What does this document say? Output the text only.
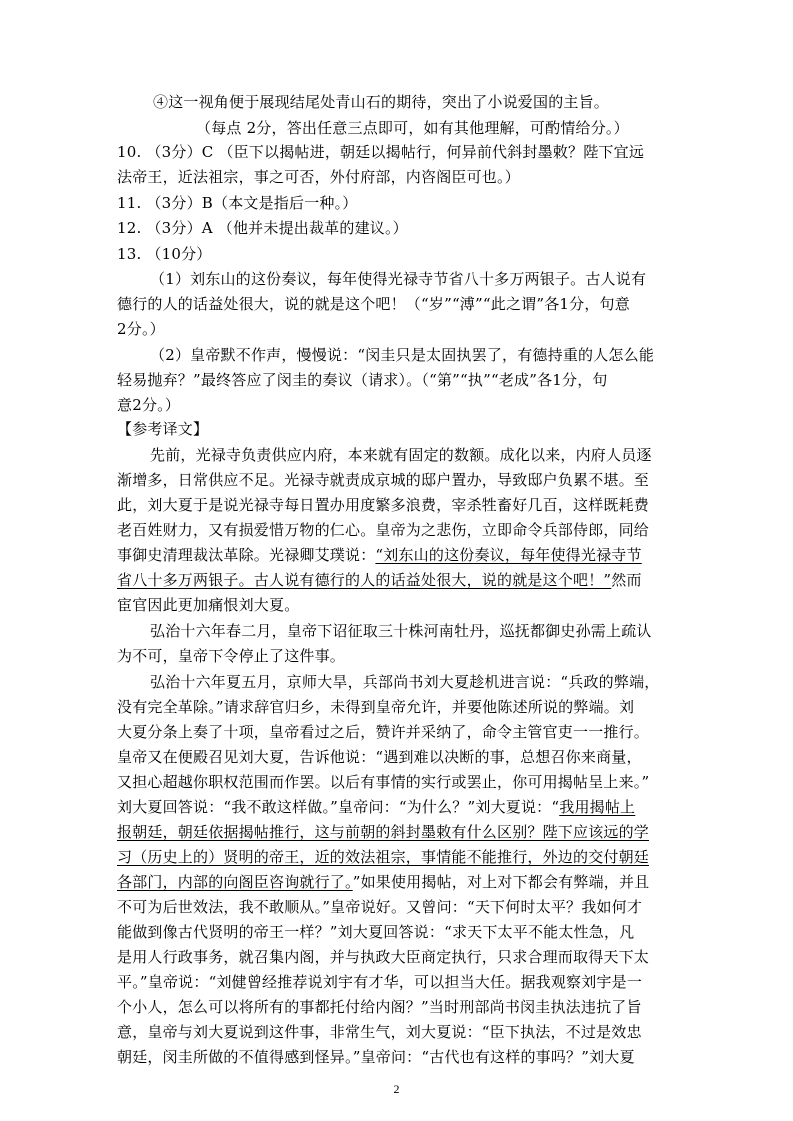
④这一视角便于展现结尾处青山石的期待，突出了小说爱国的主旨。
（每点 2分，答出任意三点即可，如有其他理解，可酌情给分。）
10. （3分）C （臣下以揭帖进，朝廷以揭帖行，何异前代斜封墨敕？陛下宜远
法帝王，近法祖宗，事之可否，外付府部，内咨阁臣可也。）
11. （3分）B（本文是指后一种。）
12. （3分）A （他并未提出裁革的建议。）
13. （10分）
（1）刘东山的这份奏议，每年使得光禄寺节省八十多万两银子。古人说有
德行的人的话益处很大，说的就是这个吧！（“岁”“溥”“此之谓”各1分，句意
2分。）
（2）皇帝默不作声，慢慢说：“闵圭只是太固执罢了，有德持重的人怎么能
轻易抛弃？”最终答应了闵圭的奏议（请求）。（“第”“执”“老成”各1分，句
意2分。）
【参考译文】
先前，光禄寺负责供应内府，本来就有固定的数额。成化以来，内府人员逐
渐增多，日常供应不足。光禄寺就责成京城的邸户置办，导致邸户负累不堪。至
此，刘大夏于是说光禄寺每日置办用度繁多浪费，宰杀牲畜好几百，这样既耗费
老百姓财力，又有损爱惜万物的仁心。皇帝为之悲伤，立即命令兵部侍郎，同给
事御史清理裁汰革除。光禄卿艾璞说：“刘东山的这份奏议，每年使得光禄寺节
省八十多万两银子。古人说有德行的人的话益处很大，说的就是这个吧！”然而
宦官因此更加痛恨刘大夏。
弘治十六年春二月，皇帝下诏征取三十株河南牡丹，巡抚都御史孙需上疏认
为不可，皇帝下令停止了这件事。
弘治十六年夏五月，京师大旱，兵部尚书刘大夏趁机进言说：“兵政的弊端，
没有完全革除。”请求辞官归乡，未得到皇帝允许，并要他陈述所说的弊端。刘
大夏分条上奏了十项，皇帝看过之后，赞许并采纳了，命令主管官吏一一推行。
皇帝又在便殿召见刘大夏，告诉他说：“遇到难以决断的事，总想召你来商量，
又担心超越你职权范围而作罢。以后有事情的实行或罢止，你可用揭帖呈上来。”
刘大夏回答说：“我不敢这样做。”皇帝问：“为什么？”刘大夏说：“我用揭帖上
报朝廷，朝廷依据揭帖推行，这与前朝的斜封墨敕有什么区别？陛下应该远的学
习（历史上的）贤明的帝王，近的效法祖宗，事情能不能推行，外边的交付朝廷
各部门，内部的向阁臣咨询就行了。”如果使用揭帖，对上对下都会有弊端，并且
不可为后世效法，我不敢顺从。”皇帝说好。又曾问：“天下何时太平？我如何才
能做到像古代贤明的帝王一样？”刘大夏回答说：“求天下太平不能太性急，凡
是用人行政事务，就召集内阁，并与执政大臣商定执行，只求合理而取得天下太
平。”皇帝说：“刘健曾经推荐说刘宇有才华，可以担当大任。据我观察刘宇是一
个小人，怎么可以将所有的事都托付给内阁？”当时刑部尚书闵圭执法违抗了旨
意，皇帝与刘大夏说到这件事，非常生气，刘大夏说：“臣下执法，不过是效忠
朝廷，闵圭所做的不值得感到怪异。”皇帝问：“古代也有这样的事吗？”刘大夏
2
